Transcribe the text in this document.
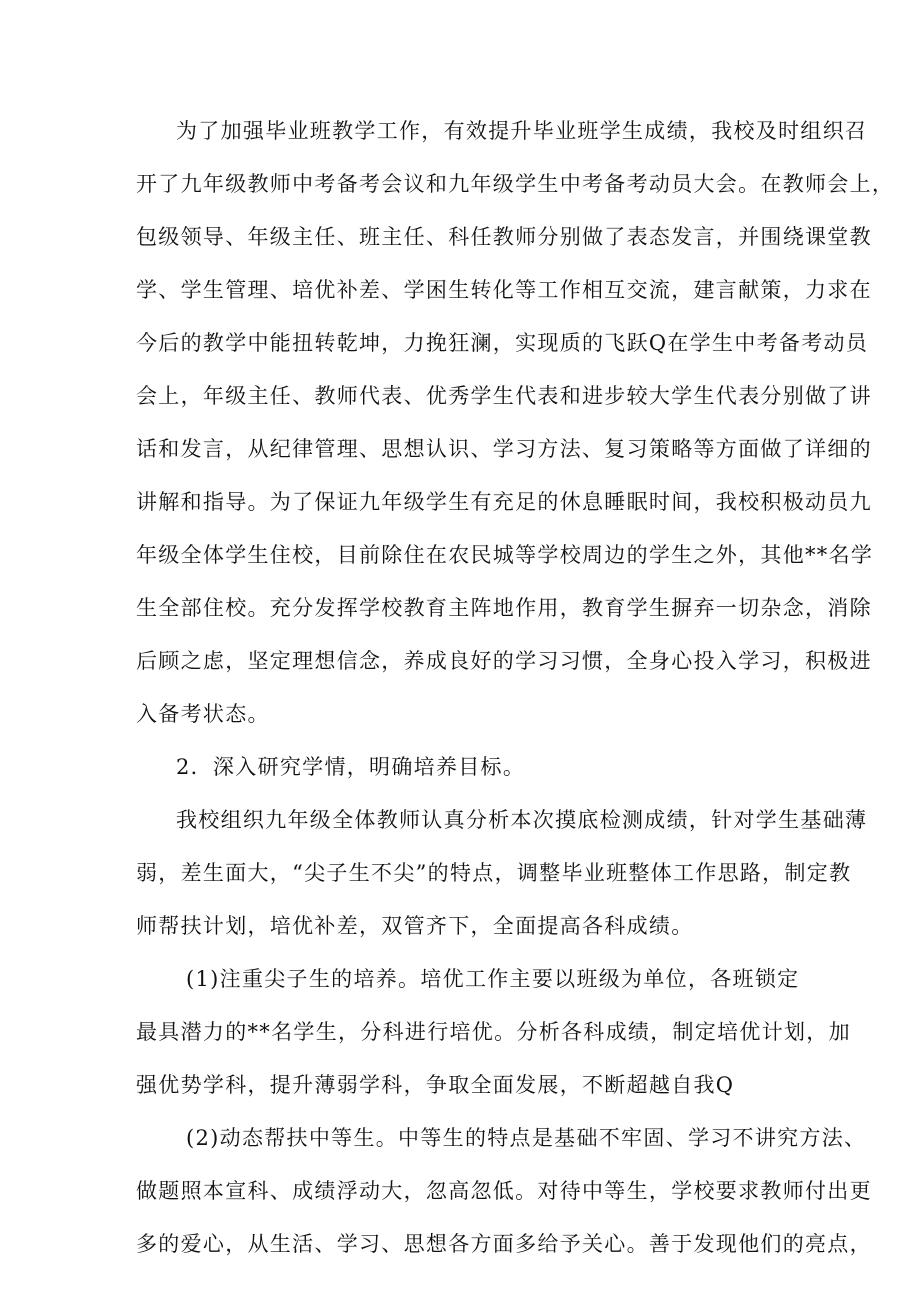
为了加强毕业班教学工作，有效提升毕业班学生成绩，我校及时组织召
开了九年级教师中考备考会议和九年级学生中考备考动员大会。在教师会上，
包级领导、年级主任、班主任、科任教师分别做了表态发言，并围绕课堂教
学、学生管理、培优补差、学困生转化等工作相互交流，建言献策，力求在
今后的教学中能扭转乾坤，力挽狂澜，实现质的飞跃Q在学生中考备考动员
会上，年级主任、教师代表、优秀学生代表和进步较大学生代表分别做了讲
话和发言，从纪律管理、思想认识、学习方法、复习策略等方面做了详细的
讲解和指导。为了保证九年级学生有充足的休息睡眠时间，我校积极动员九
年级全体学生住校，目前除住在农民城等学校周边的学生之外，其他**名学
生全部住校。充分发挥学校教育主阵地作用，教育学生摒弃一切杂念，消除
后顾之虑，坚定理想信念，养成良好的学习习惯，全身心投入学习，积极进
入备考状态。
2．深入研究学情，明确培养目标。
我校组织九年级全体教师认真分析本次摸底检测成绩，针对学生基础薄
弱，差生面大，“尖子生不尖”的特点，调整毕业班整体工作思路，制定教
师帮扶计划，培优补差，双管齐下，全面提高各科成绩。
(1)注重尖子生的培养。培优工作主要以班级为单位，各班锁定
最具潜力的**名学生，分科进行培优。分析各科成绩，制定培优计划，加
强优势学科，提升薄弱学科，争取全面发展，不断超越自我Q
(2)动态帮扶中等生。中等生的特点是基础不牢固、学习不讲究方法、
做题照本宣科、成绩浮动大，忽高忽低。对待中等生，学校要求教师付出更
多的爱心，从生活、学习、思想各方面多给予关心。善于发现他们的亮点，
